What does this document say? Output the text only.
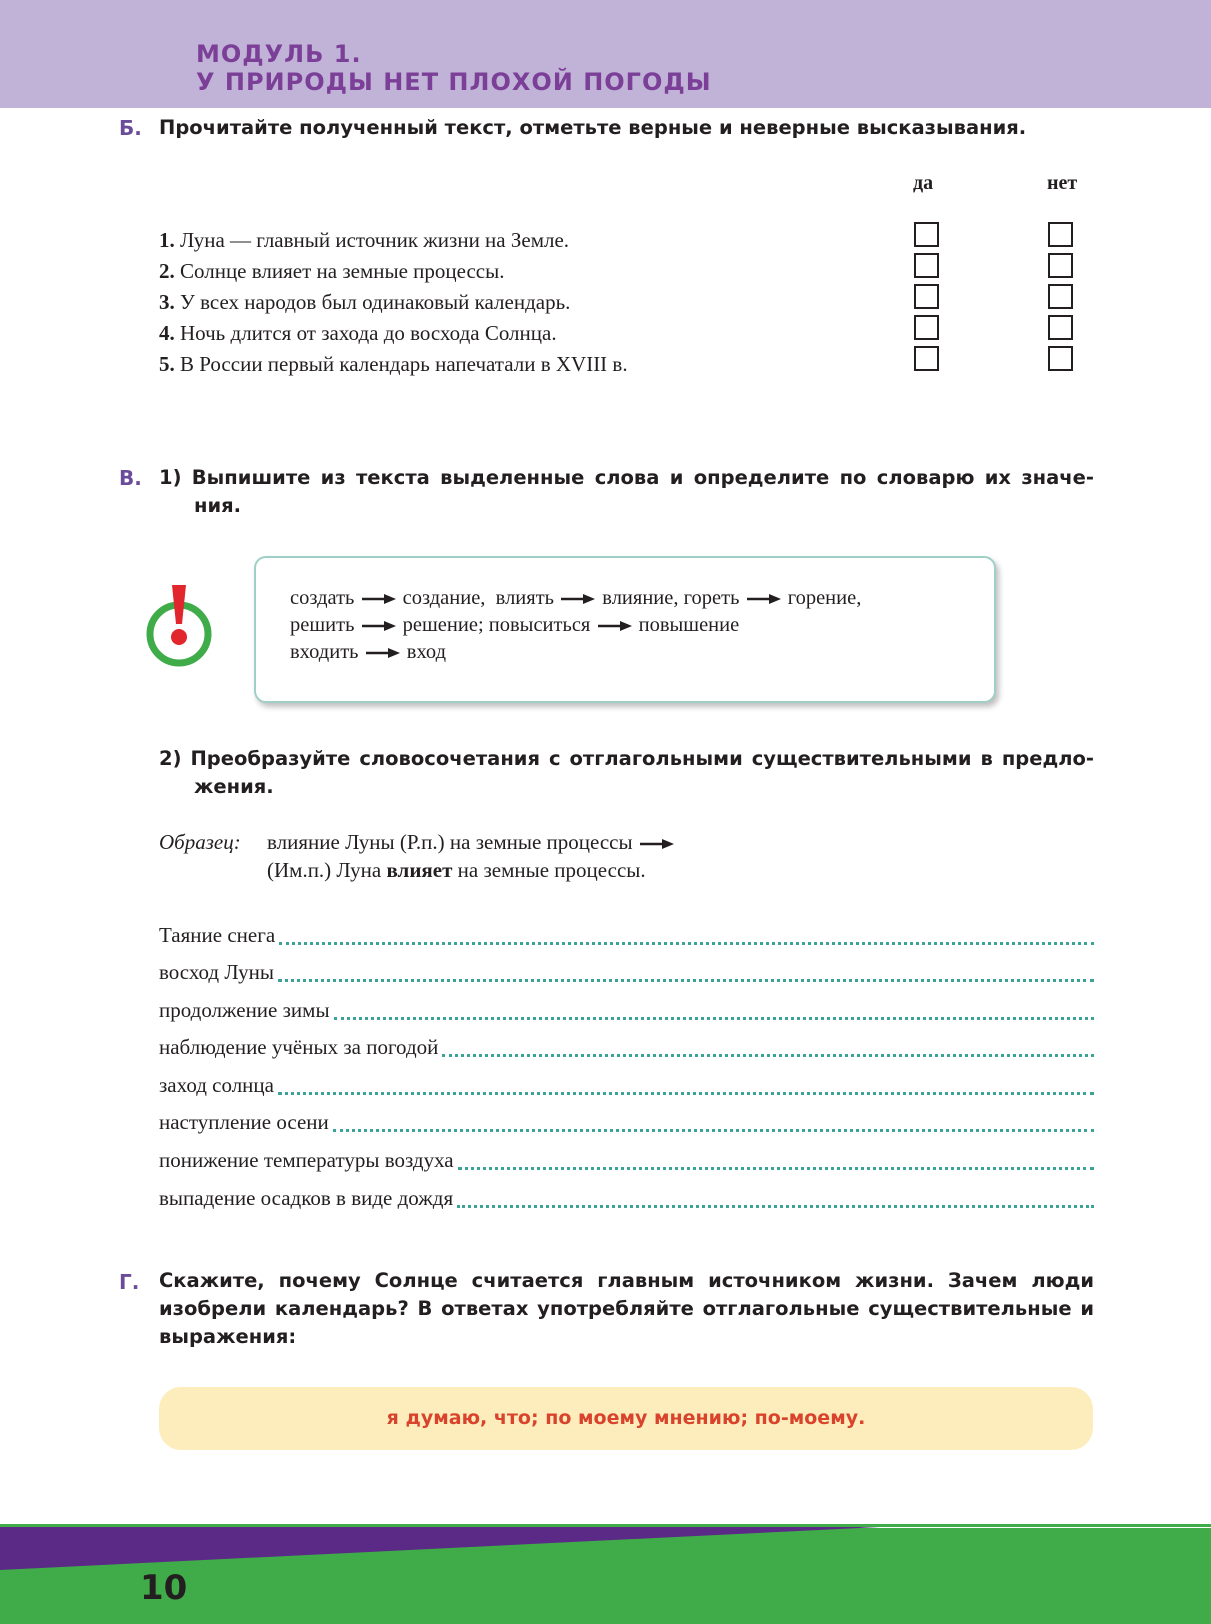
МОДУЛЬ 1.
У ПРИРОДЫ НЕТ ПЛОХОЙ ПОГОДЫ
Б. Прочитайте полученный текст, отметьте верные и неверные высказывания.
да	нет
1. Луна — главный источник жизни на Земле.
2. Солнце влияет на земные процессы.
3. У всех народов был одинаковый календарь.
4. Ночь длится от захода до восхода Солнца.
5. В России первый календарь напечатали в XVIII в.
В. 1) Выпишите из текста выделенные слова и определите по словарю их значе-
ния.
создать создание, влиять влияние, гореть горение,
решить решение; повыситься повышение
входить вход
2) Преобразуйте словосочетания с отглагольными существительными в предло-
жения.
Образец: влияние Луны (Р.п.) на земные процессы
(Им.п.) Луна влияет на земные процессы.
Таяние снега
восход Луны
продолжение зимы
наблюдение учёных за погодой
заход солнца
наступление осени
понижение температуры воздуха
выпадение осадков в виде дождя
Г. Скажите, почему Солнце считается главным источником жизни. Зачем люди
изобрели календарь? В ответах употребляйте отглагольные существительные и
выражения:
я думаю, что; по моему мнению; по-моему.
10
